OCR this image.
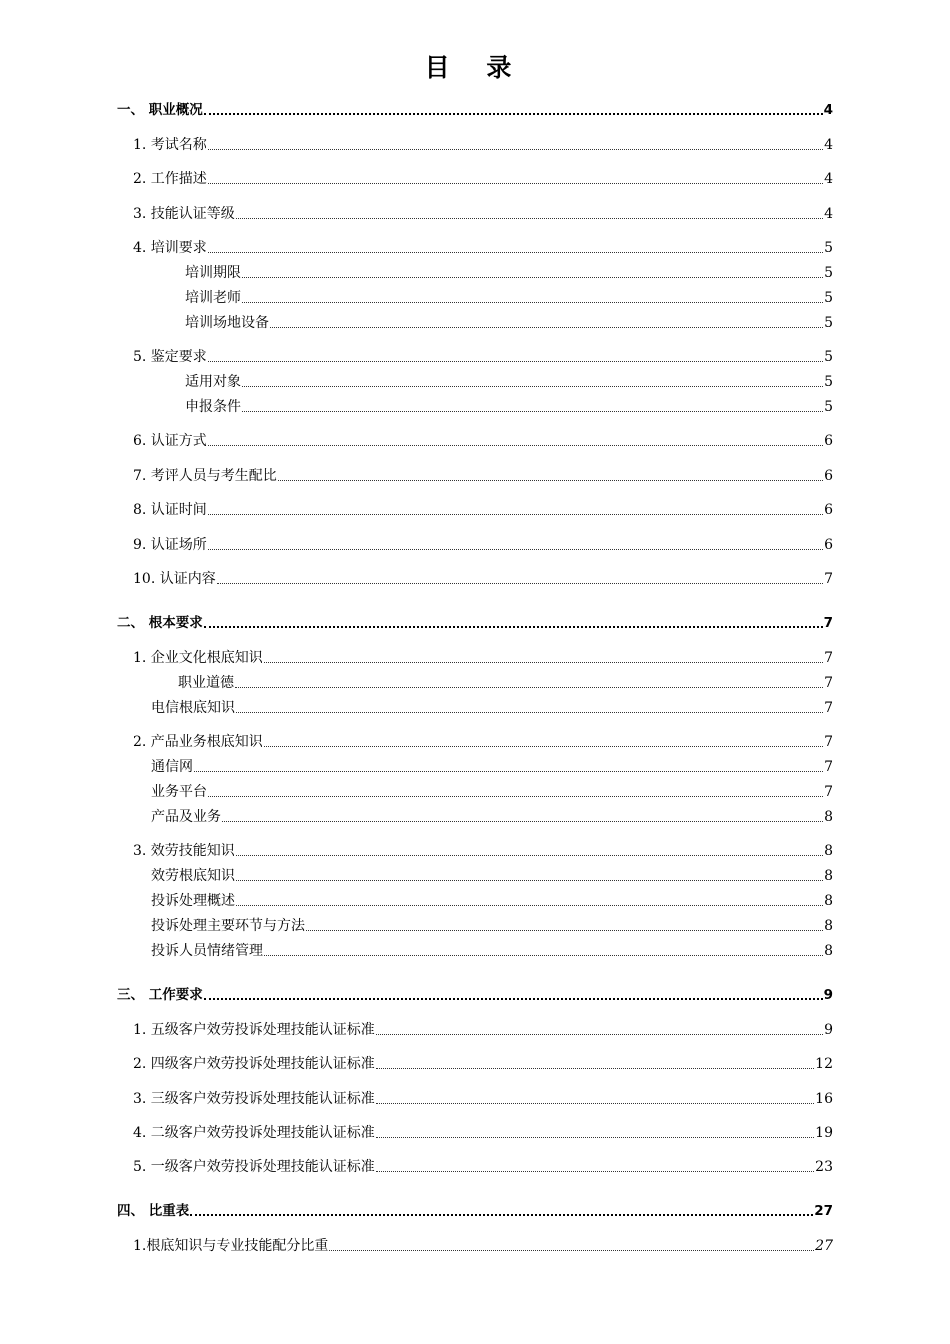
目 录
一、 职业概况	4
1. 考试名称	4
2. 工作描述	4
3. 技能认证等级	4
4. 培训要求	5
培训期限	5
培训老师	5
培训场地设备	5
5. 鉴定要求	5
适用对象	5
申报条件	5
6. 认证方式	6
7. 考评人员与考生配比	6
8. 认证时间	6
9. 认证场所	6
10. 认证内容	7
二、 根本要求	7
1. 企业文化根底知识	7
职业道德	7
电信根底知识	7
2. 产品业务根底知识	7
通信网	7
业务平台	7
产品及业务	8
3. 效劳技能知识	8
效劳根底知识	8
投诉处理概述	8
投诉处理主要环节与方法	8
投诉人员情绪管理	8
三、 工作要求	9
1. 五级客户效劳投诉处理技能认证标准	9
2. 四级客户效劳投诉处理技能认证标准	12
3. 三级客户效劳投诉处理技能认证标准	16
4. 二级客户效劳投诉处理技能认证标准	19
5. 一级客户效劳投诉处理技能认证标准	23
四、 比重表	27
1.根底知识与专业技能配分比重	27
